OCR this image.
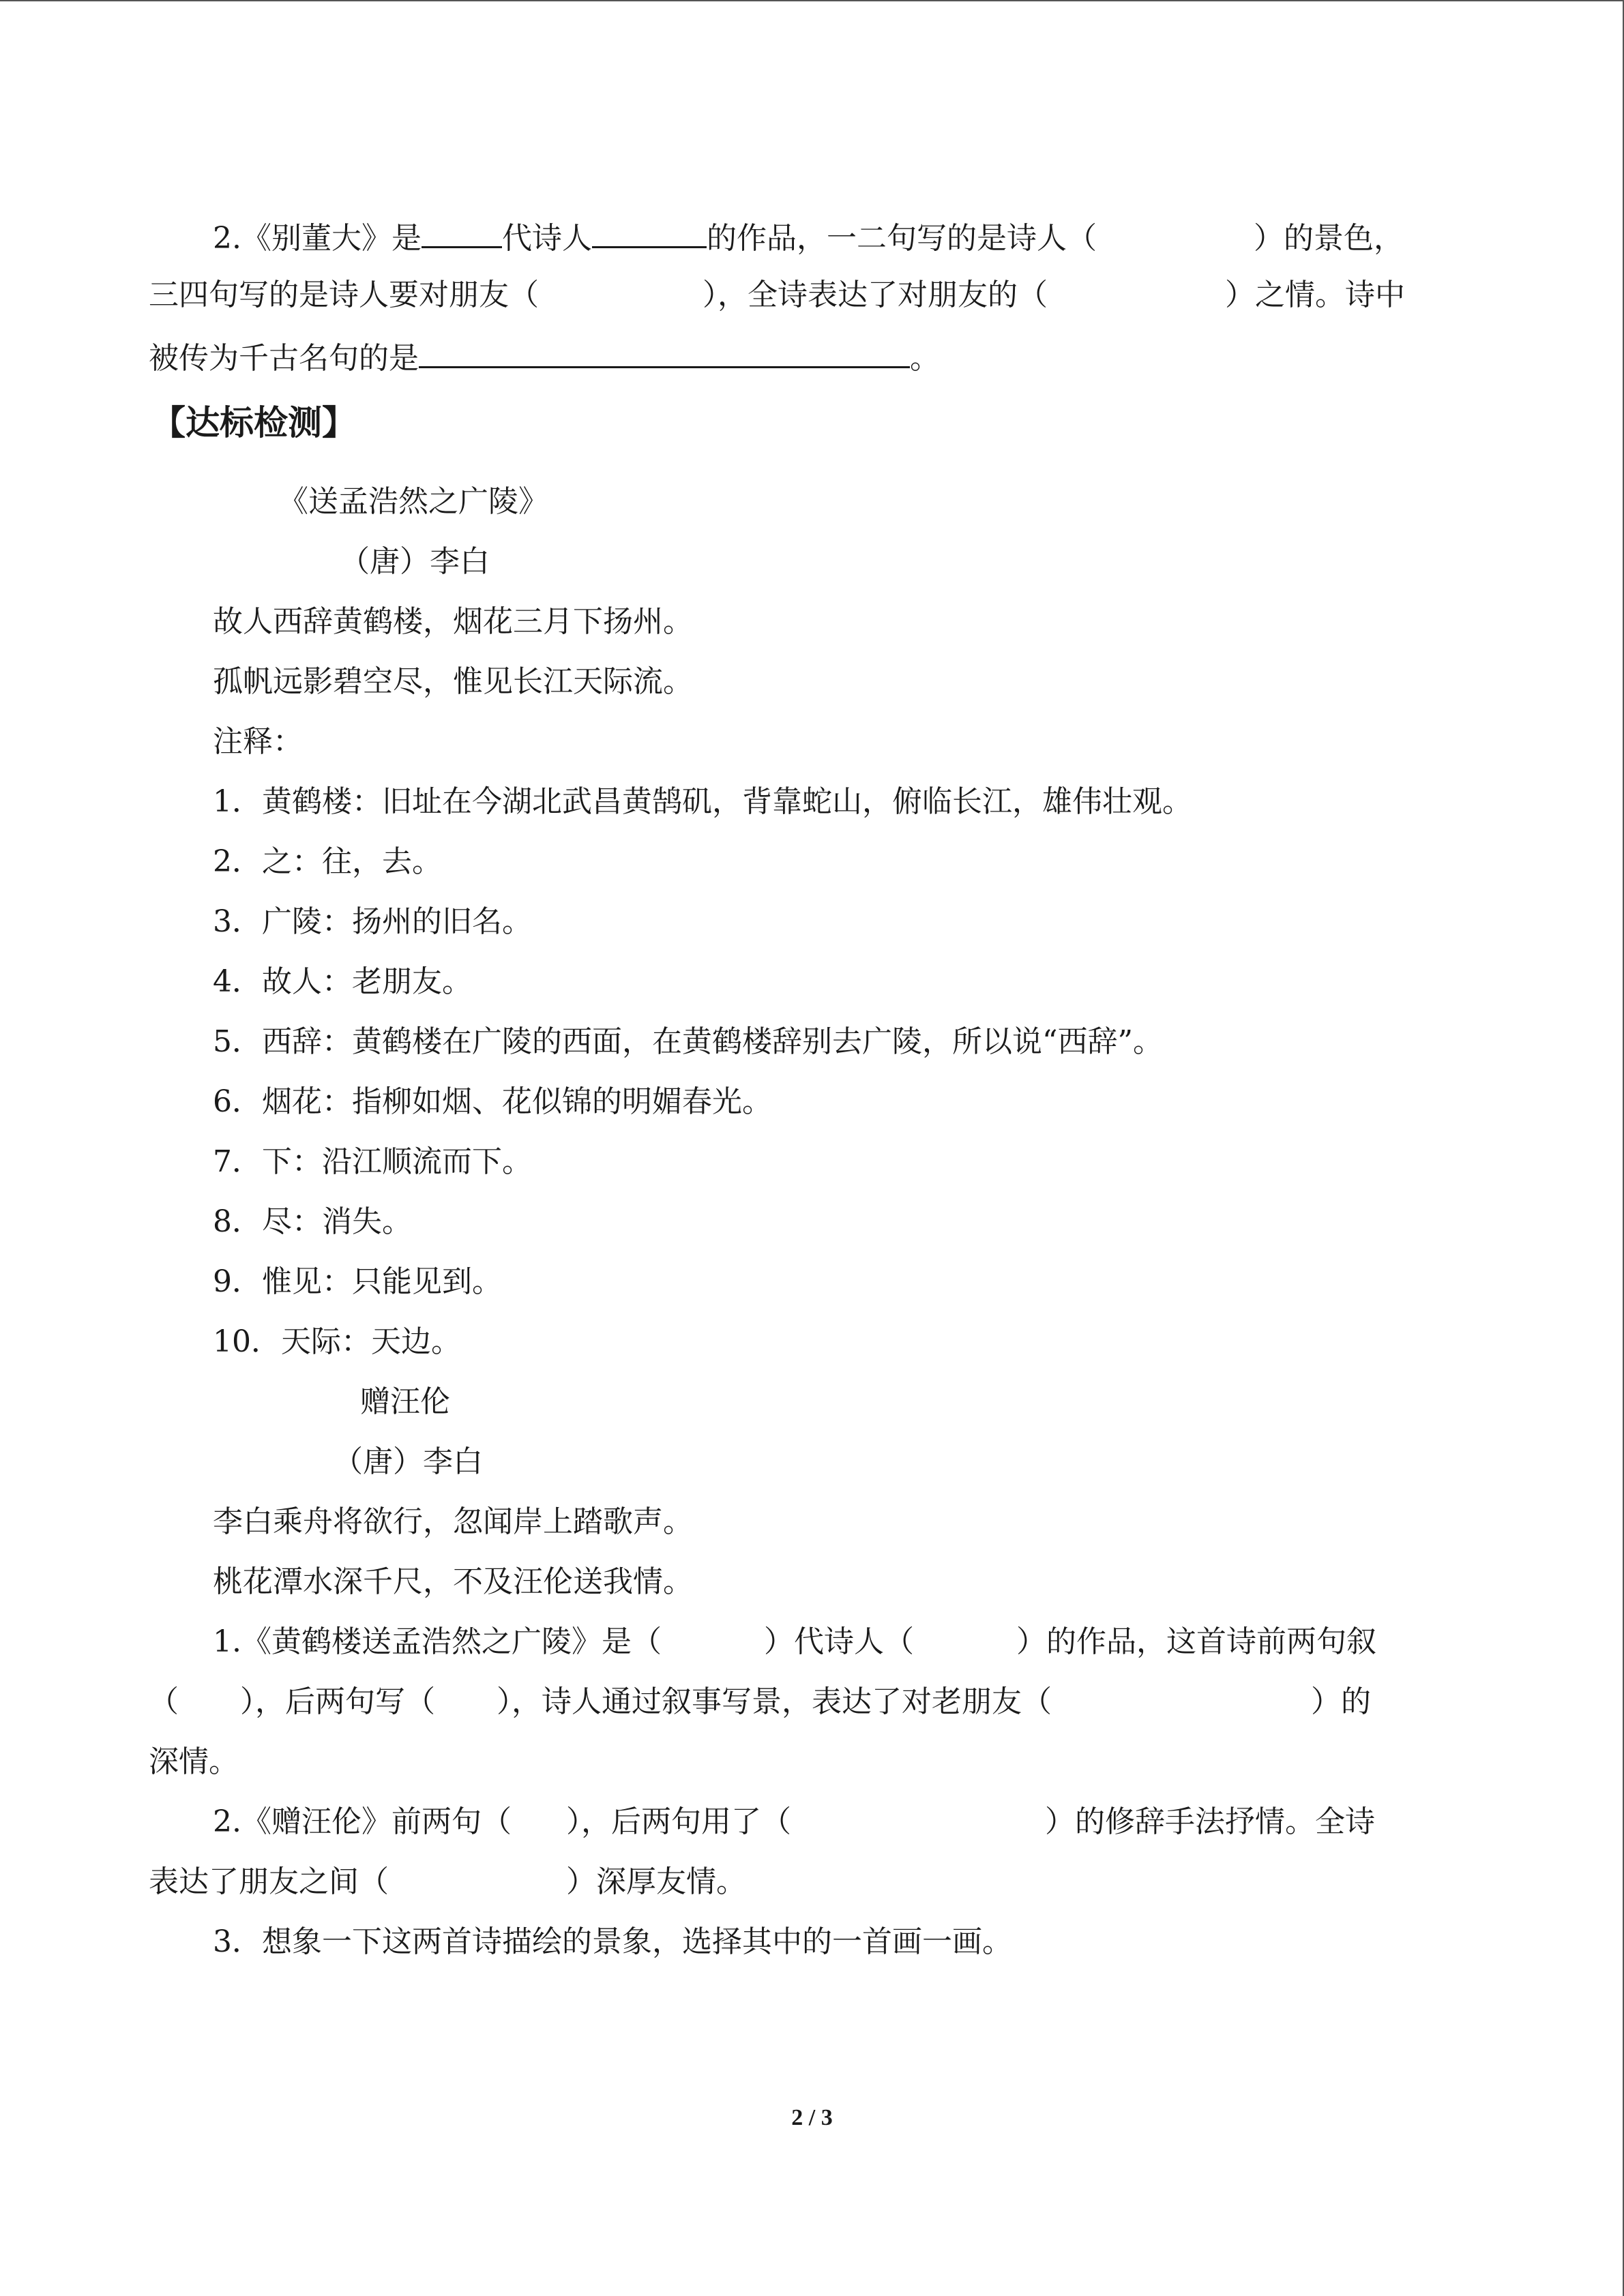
2.《别董大》是	代诗人	的作品，一二句写的是诗人（	）的景色，
三四句写的是诗人要对朋友（	），全诗表达了对朋友的（	）之情。诗中
被传为千古名句的是	。
【达标检测】
《送孟浩然之广陵》
（唐）李白
故人西辞黄鹤楼，烟花三月下扬州。
孤帆远影碧空尽，惟见长江天际流。
注释：
1．黄鹤楼：旧址在今湖北武昌黄鹄矶，背靠蛇山，俯临长江，雄伟壮观。
2．之：往，去。
3．广陵：扬州的旧名。
4．故人：老朋友。
5．西辞：黄鹤楼在广陵的西面，在黄鹤楼辞别去广陵，所以说“西辞”。
6．烟花：指柳如烟、花似锦的明媚春光。
7．下：沿江顺流而下。
8．尽：消失。
9．惟见：只能见到。
10．天际：天边。
赠汪伦
（唐）李白
李白乘舟将欲行，忽闻岸上踏歌声。
桃花潭水深千尺，不及汪伦送我情。
1.《黄鹤楼送孟浩然之广陵》是（	）代诗人（	）的作品，这首诗前两句叙
（ ），后两句写（ ），诗人通过叙事写景，表达了对老朋友（	）的
深情。
2.《赠汪伦》前两句（ ），后两句用了（	）的修辞手法抒情。全诗
表达了朋友之间（	）深厚友情。
3．想象一下这两首诗描绘的景象，选择其中的一首画一画。
2 / 3
